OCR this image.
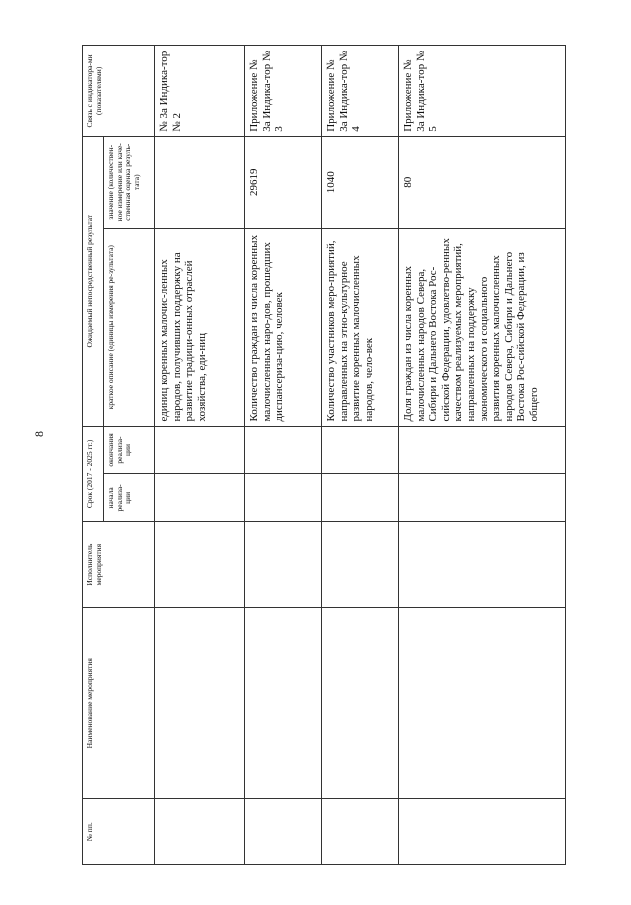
8
№ пп.	Наименование мероприятия	Исполнитель мероприятия	Срок (2017 - 2025 гг.)		Ожидаемый непосредственный результат		Связь с индикатора-ми (показателями)
			начала реализа-ции	окончания реализа-ции	краткое описание (единицы измерения ре-зультата)	значение (количествен-ное измерение или каче-ственная оценка резуль-тата)	
					единиц коренных малочис-ленных народов, получивших поддержку на развитие традици-онных отраслей хозяйства, еди-ниц		№ 3а Индика-тор № 2
					Количество граждан из числа коренных малочисленных наро-дов, прошедших диспансериза-цию, человек	29619	Приложение № 3а Индика-тор № 3
					Количество участников меро-приятий, направленных на этно-культурное развитие коренных малочисленных народов, чело-век	1040	Приложение № 3а Индика-тор № 4
					Доля граждан из числа коренных малочисленных народов Севера, Сибири и Дальнего Востока Рос-сийской Федерации, удовлетво-ренных качеством реализуемых мероприятий, направленных на поддержку экономического и социального развития коренных малочисленных народов Севера, Сибири и Дальнего Востока Рос-сийской Федерации, из общего	80	Приложение № 3а Индика-тор № 5
